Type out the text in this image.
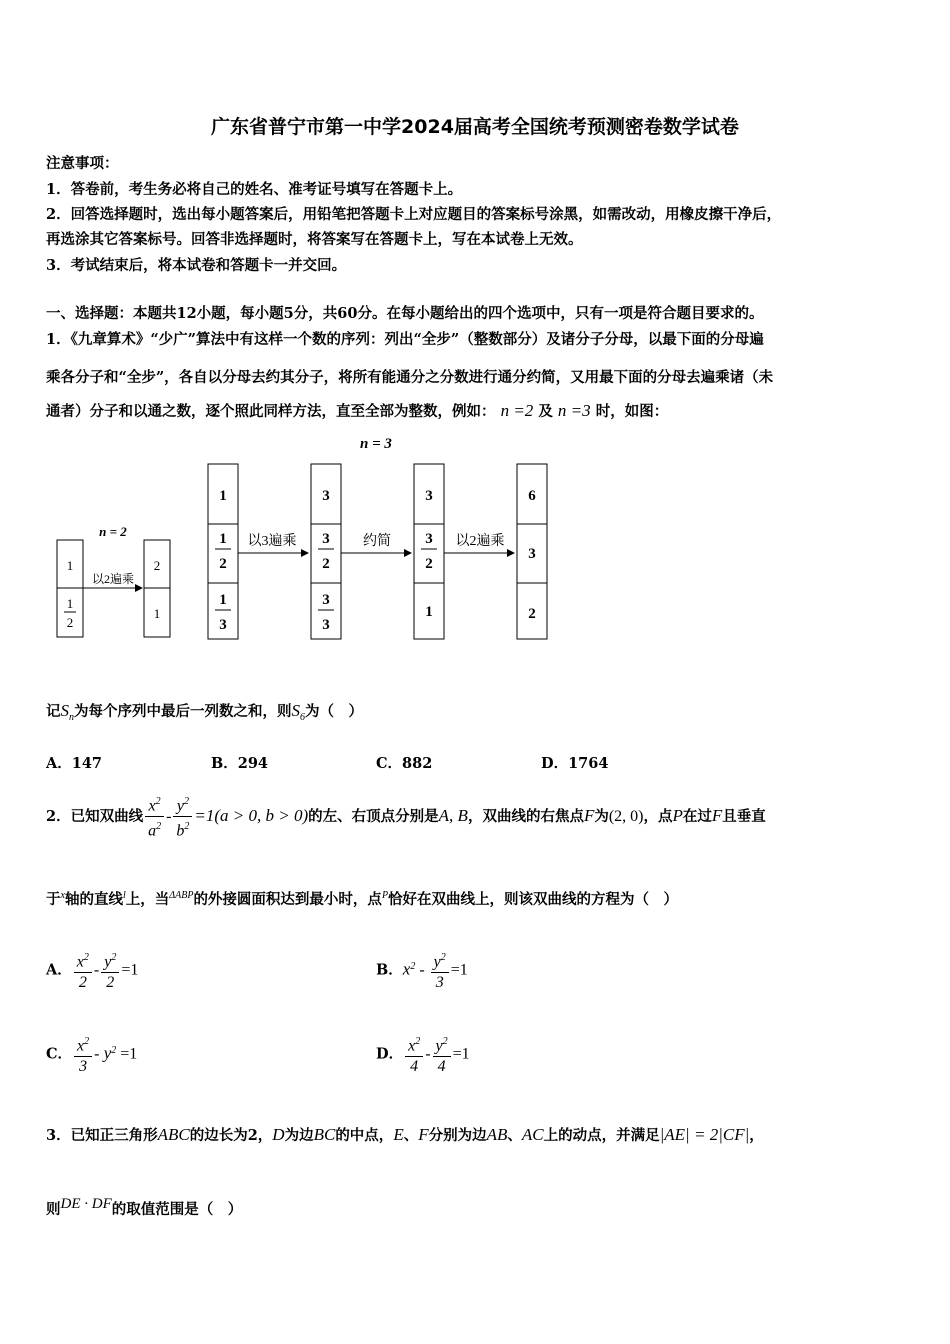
广东省普宁市第一中学2024届高考全国统考预测密卷数学试卷
注意事项：
1．答卷前，考生务必将自己的姓名、准考证号填写在答题卡上。
2．回答选择题时，选出每小题答案后，用铅笔把答题卡上对应题目的答案标号涂黑，如需改动，用橡皮擦干净后，
再选涂其它答案标号。回答非选择题时，将答案写在答题卡上，写在本试卷上无效。
3．考试结束后，将本试卷和答题卡一并交回。
一、选择题：本题共12小题，每小题5分，共60分。在每小题给出的四个选项中，只有一项是符合题目要求的。
1．《九章算术》“少广”算法中有这样一个数的序列：列出“全步”（整数部分）及诸分子分母，以最下面的分母遍
乘各分子和“全步”，各自以分母去约其分子，将所有能通分之分数进行通分约简，又用最下面的分母去遍乘诸（未
通者）分子和以通之数，逐个照此同样方法，直至全部为整数，例如： n =2 及 n =3 时，如图：
n = 3
n = 2
1
1
2
以2遍乘
2
1
1
1
2
1
3
以3遍乘
3
3
2
3
3
约简
3
3
2
1
以2遍乘
6
3
2
记$S_n$为每个序列中最后一列数之和，则$S_6$为（　）
A．147	B．294	C．882	D．1764
2．已知双曲线 $\frac{x^2}{a^2} - \frac{y^2}{b^2} =1(a > 0$, b > 0)的左、右顶点分别是A, B，双曲线的右焦点F为(2, 0)，点P在过F且垂直
于$^x$轴的直线$^l$上，当$^{\Delta ABP}$的外接圆面积达到最小时，点$^P$恰好在双曲线上，则该双曲线的方程为（　）
A． $\frac{x^2}{2} - \frac{y^2}{2} =1$	B．$x^2 - \frac{y^2}{3} =1$
C． $\frac{x^2}{3} - y^2 =1$	D． $\frac{x^2}{4} - \frac{y^2}{4} =1$
3．已知正三角形ABC的边长为2，D为边BC的中点，E、F分别为边AB、AC上的动点，并满足|AE| = 2|CF|，
则$^{DE \cdot DF}$的取值范围是（　）
